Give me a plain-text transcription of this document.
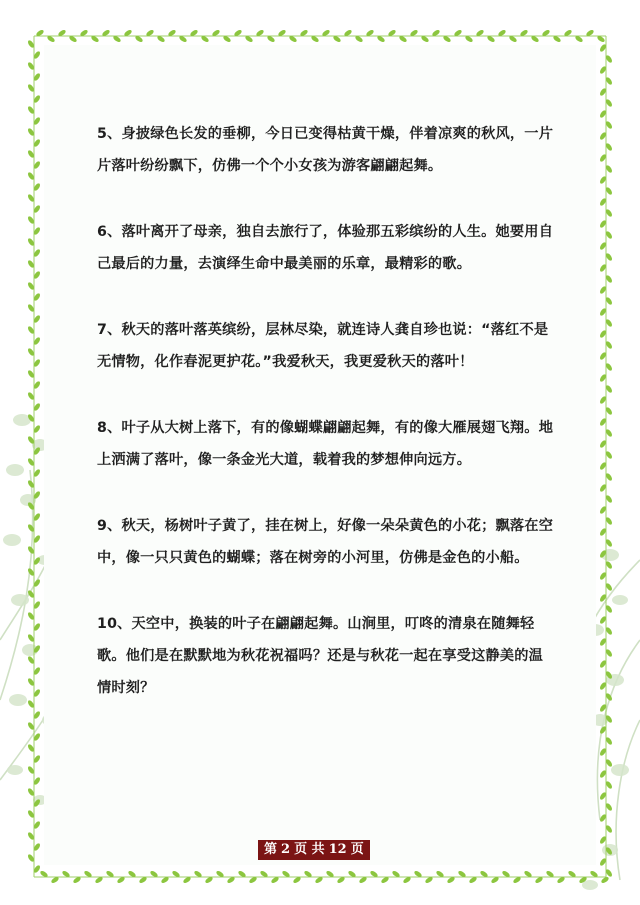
5、身披绿色长发的垂柳，今日已变得枯黄干燥，伴着凉爽的秋风，一片片落叶纷纷飘下，仿佛一个个小女孩为游客翩翩起舞。

6、落叶离开了母亲，独自去旅行了，体验那五彩缤纷的人生。她要用自己最后的力量，去演绎生命中最美丽的乐章，最精彩的歌。

7、秋天的落叶落英缤纷，层林尽染，就连诗人龚自珍也说：“落红不是无情物，化作春泥更护花。”我爱秋天，我更爱秋天的落叶！

8、叶子从大树上落下，有的像蝴蝶翩翩起舞，有的像大雁展翅飞翔。地上洒满了落叶，像一条金光大道，载着我的梦想伸向远方。

9、秋天，杨树叶子黄了，挂在树上，好像一朵朵黄色的小花；飘落在空中，像一只只黄色的蝴蝶；落在树旁的小河里，仿佛是金色的小船。

10、天空中，换装的叶子在翩翩起舞。山涧里，叮咚的清泉在随舞轻歌。他们是在默默地为秋花祝福吗？还是与秋花一起在享受这静美的温情时刻？

第 2 页 共 12 页
